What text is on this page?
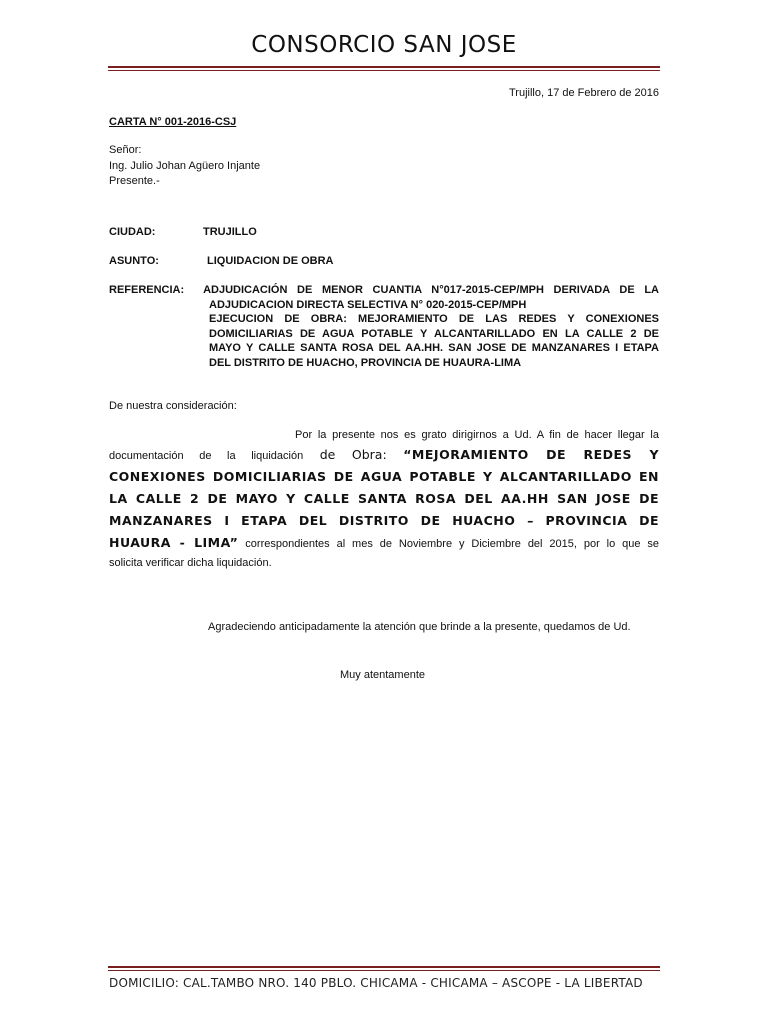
CONSORCIO SAN JOSE
Trujillo, 17 de Febrero de 2016
CARTA N° 001-2016-CSJ
Señor:
Ing. Julio Johan Agüero Injante
Presente.-
CIUDAD:	TRUJILLO
ASUNTO:	LIQUIDACION DE OBRA
REFERENCIA: ADJUDICACIÓN DE MENOR CUANTIA N°017-2015-CEP/MPH DERIVADA DE LA
ADJUDICACION DIRECTA SELECTIVA N° 020-2015-CEP/MPH
EJECUCION DE OBRA: MEJORAMIENTO DE LAS REDES Y CONEXIONES
DOMICILIARIAS DE AGUA POTABLE Y ALCANTARILLADO EN LA CALLE 2 DE
MAYO Y CALLE SANTA ROSA DEL AA.HH. SAN JOSE DE MANZANARES I ETAPA
DEL DISTRITO DE HUACHO, PROVINCIA DE HUAURA-LIMA
De nuestra consideración:
Por la presente nos es grato dirigirnos a Ud. A fin de hacer llegar la
documentación de la liquidación de Obra: “MEJORAMIENTO DE REDES Y
CONEXIONES DOMICILIARIAS DE AGUA POTABLE Y ALCANTARILLADO EN
LA CALLE 2 DE MAYO Y CALLE SANTA ROSA DEL AA.HH SAN JOSE DE
MANZANARES I ETAPA DEL DISTRITO DE HUACHO – PROVINCIA DE
HUAURA - LIMA” correspondientes al mes de Noviembre y Diciembre del 2015, por lo que se
solicita verificar dicha liquidación.
Agradeciendo anticipadamente la atención que brinde a la presente, quedamos de Ud.
Muy atentamente
DOMICILIO: CAL.TAMBO NRO. 140 PBLO. CHICAMA - CHICAMA – ASCOPE - LA LIBERTAD
